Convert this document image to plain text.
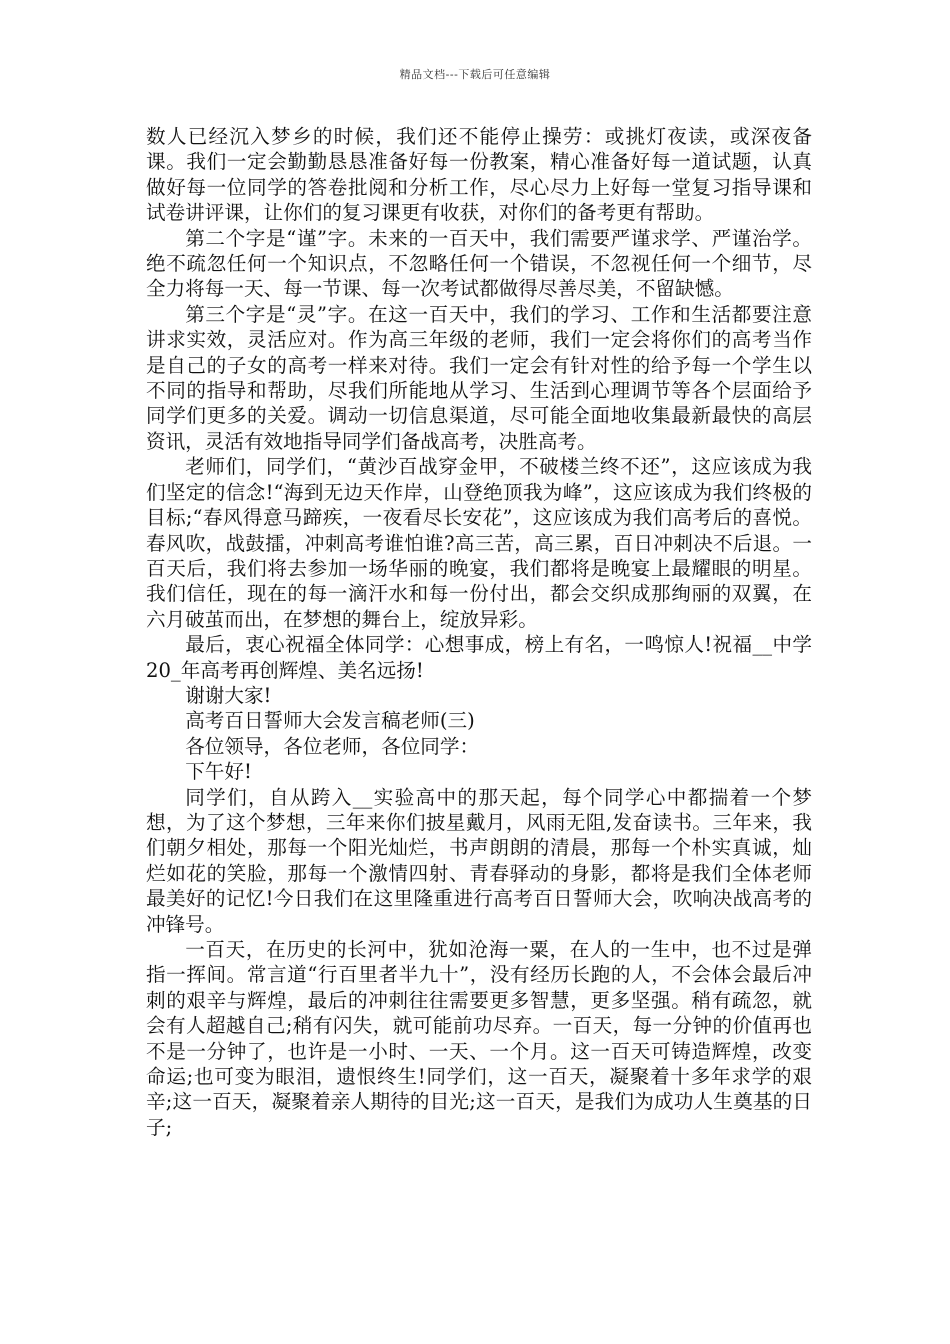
精品文档---下载后可任意编辑

数人已经沉入梦乡的时候，我们还不能停止操劳：或挑灯夜读，或深夜备课。我们一定会勤勤恳恳准备好每一份教案，精心准备好每一道试题，认真做好每一位同学的答卷批阅和分析工作，尽心尽力上好每一堂复习指导课和试卷讲评课，让你们的复习课更有收获，对你们的备考更有帮助。

第二个字是“谨”字。未来的一百天中，我们需要严谨求学、严谨治学。绝不疏忽任何一个知识点，不忽略任何一个错误，不忽视任何一个细节，尽全力将每一天、每一节课、每一次考试都做得尽善尽美，不留缺憾。

第三个字是“灵”字。在这一百天中，我们的学习、工作和生活都要注意讲求实效，灵活应对。作为高三年级的老师，我们一定会将你们的高考当作是自己的子女的高考一样来对待。我们一定会有针对性的给予每一个学生以不同的指导和帮助，尽我们所能地从学习、生活到心理调节等各个层面给予同学们更多的关爱。调动一切信息渠道，尽可能全面地收集最新最快的高层资讯，灵活有效地指导同学们备战高考，决胜高考。

老师们，同学们，“黄沙百战穿金甲，不破楼兰终不还”，这应该成为我们坚定的信念!“海到无边天作岸，山登绝顶我为峰”，这应该成为我们终极的目标;“春风得意马蹄疾，一夜看尽长安花”，这应该成为我们高考后的喜悦。春风吹，战鼓擂，冲刺高考谁怕谁?高三苦，高三累，百日冲刺决不后退。一百天后，我们将去参加一场华丽的晚宴，我们都将是晚宴上最耀眼的明星。我们信任，现在的每一滴汗水和每一份付出，都会交织成那绚丽的双翼，在六月破茧而出，在梦想的舞台上，绽放异彩。

最后，衷心祝福全体同学：心想事成，榜上有名，一鸣惊人!祝福__中学20_年高考再创辉煌、美名远扬!

谢谢大家!

高考百日誓师大会发言稿老师(三)

各位领导，各位老师，各位同学：

下午好!

同学们，自从跨入__实验高中的那天起，每个同学心中都揣着一个梦想，为了这个梦想，三年来你们披星戴月，风雨无阻,发奋读书。三年来，我们朝夕相处，那每一个阳光灿烂，书声朗朗的清晨，那每一个朴实真诚，灿烂如花的笑脸，那每一个激情四射、青春驿动的身影，都将是我们全体老师最美好的记忆!今日我们在这里隆重进行高考百日誓师大会，吹响决战高考的冲锋号。

一百天，在历史的长河中，犹如沧海一粟，在人的一生中，也不过是弹指一挥间。常言道“行百里者半九十”，没有经历长跑的人，不会体会最后冲刺的艰辛与辉煌，最后的冲刺往往需要更多智慧，更多坚强。稍有疏忽，就会有人超越自己;稍有闪失，就可能前功尽弃。一百天，每一分钟的价值再也不是一分钟了，也许是一小时、一天、一个月。这一百天可铸造辉煌，改变命运;也可变为眼泪，遗恨终生!同学们，这一百天，凝聚着十多年求学的艰辛;这一百天，凝聚着亲人期待的目光;这一百天，是我们为成功人生奠基的日子;
